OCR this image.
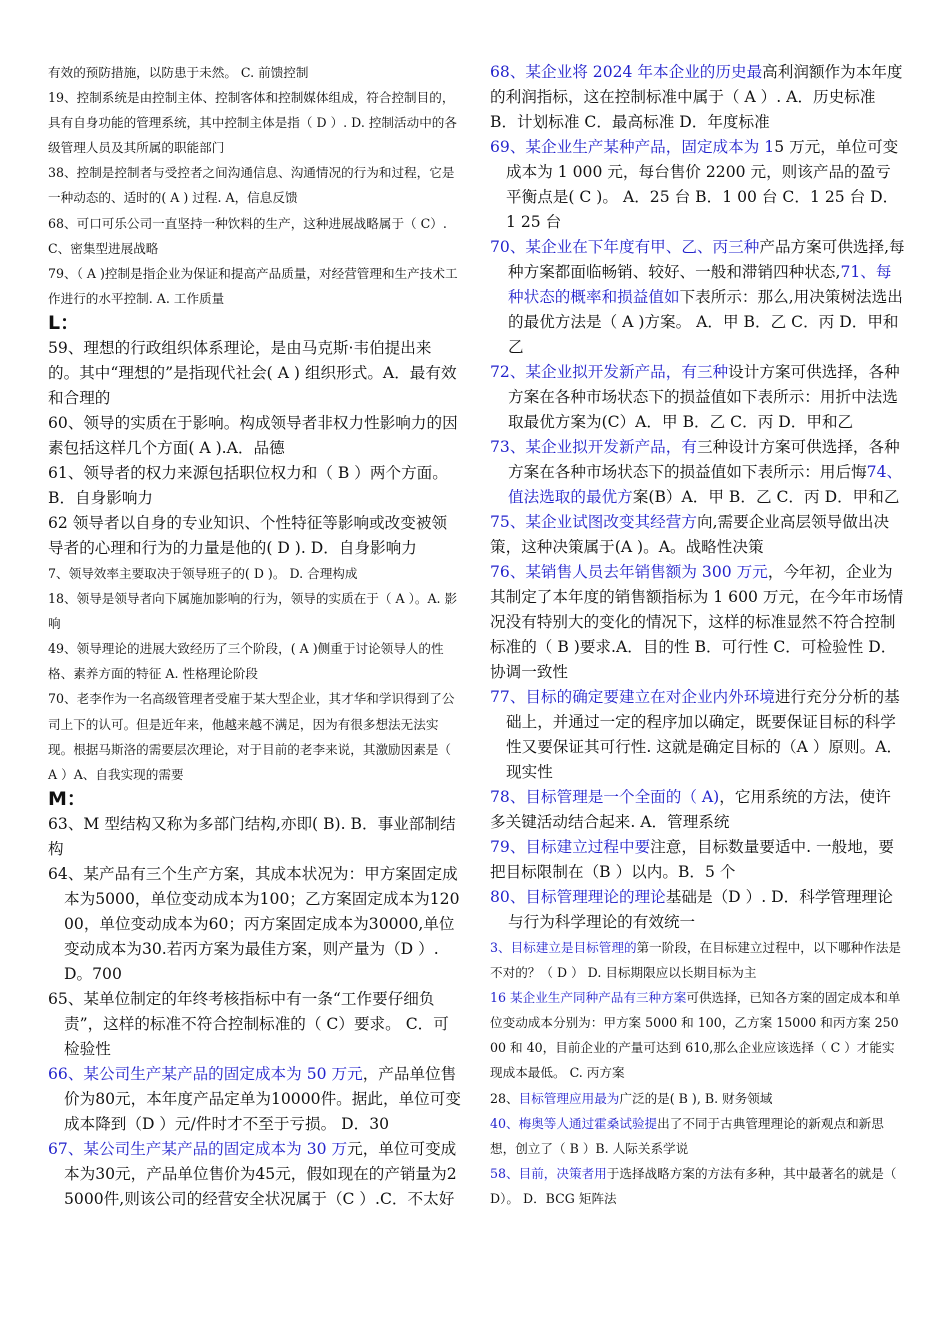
有效的预防措施，以防患于未然。 C. 前馈控制

19、控制系统是由控制主体、控制客体和控制媒体组成，符合控制目的，具有自身功能的管理系统，其中控制主体是指（ D ）. D. 控制活动中的各级管理人员及其所属的职能部门

38、控制是控制者与受控者之间沟通信息、沟通情况的行为和过程，它是一种动态的、适时的( A ) 过程. A，信息反馈

68、可口可乐公司一直坚持一种饮料的生产，这种进展战略属于（ C）.C、密集型进展战略

79、（ A )控制是指企业为保证和提高产品质量，对经营管理和生产技术工作进行的水平控制. A. 工作质量

L：

59、理想的行政组织体系理论，是由马克斯·韦伯提出来的。其中“理想的”是指现代社会( A ) 组织形式。A．最有效和合理的

60、领导的实质在于影响。构成领导者非权力性影响力的因素包括这样几个方面( A ).A．品德

61、领导者的权力来源包括职位权力和（ B ）两个方面。 B．自身影响力

62 领导者以自身的专业知识、个性特征等影响或改变被领导者的心理和行为的力量是他的( D ). D．自身影响力

7、领导效率主要取决于领导班子的( D )。 D. 合理构成

18、领导是领导者向下属施加影响的行为，领导的实质在于（ A ）。A. 影响

49、领导理论的进展大致经历了三个阶段，( A )侧重于讨论领导人的性格、素养方面的特征 A. 性格理论阶段

70、老李作为一名高级管理者受雇于某大型企业，其才华和学识得到了公司上下的认可。但是近年来，他越来越不满足，因为有很多想法无法实现。根据马斯洛的需要层次理论，对于目前的老李来说，其激励因素是（ A ）A、自我实现的需要

M：

63、M 型结构又称为多部门结构,亦即( B). B．事业部制结构

64、某产品有三个生产方案，其成本状况为：甲方案固定成本为5000，单位变动成本为100；乙方案固定成本为12000，单位变动成本为60；丙方案固定成本为30000,单位变动成本为30.若丙方案为最佳方案，则产量为（D ）. D。700

65、某单位制定的年终考核指标中有一条“工作要仔细负责”，这样的标准不符合控制标准的（ C）要求。 C．可检验性

66、某公司生产某产品的固定成本为 50 万元，产品单位售价为80元，本年度产品定单为10000件。据此，单位可变成本降到（D ）元/件时才不至于亏损。 D．30

67、某公司生产某产品的固定成本为 30 万元，单位可变成本为30元，产品单位售价为45元，假如现在的产销量为25000件,则该公司的经营安全状况属于（C ）.C．不太好

68、某企业将 2024 年本企业的历史最高利润额作为本年度的利润指标，这在控制标准中属于（ A ）. A．历史标准 B．计划标准 C．最高标准 D．年度标准

69、某企业生产某种产品，固定成本为 15 万元，单位可变成本为 1 000 元，每台售价 2200 元，则该产品的盈亏平衡点是( C )。 A．25 台 B．1 00 台 C．1 25 台 D．1 25 台

70、某企业在下年度有甲、乙、丙三种产品方案可供选择,每种方案都面临畅销、较好、一般和滞销四种状态,71、每种状态的概率和损益值如下表所示：那么,用决策树法选出的最优方法是（ A )方案。 A．甲 B．乙 C．丙 D．甲和乙

72、某企业拟开发新产品，有三种设计方案可供选择，各种方案在各种市场状态下的损益值如下表所示：用折中法选取最优方案为(C）A．甲 B．乙 C．丙 D．甲和乙

73、某企业拟开发新产品，有三种设计方案可供选择，各种方案在各种市场状态下的损益值如下表所示：用后悔74、值法选取的最优方案(B）A．甲 B．乙 C．丙 D．甲和乙

75、某企业试图改变其经营方向,需要企业高层领导做出决策，这种决策属于(A )。A。战略性决策

76、某销售人员去年销售额为 300 万元，今年初，企业为其制定了本年度的销售额指标为 1 600 万元，在今年市场情况没有特别大的变化的情况下，这样的标准显然不符合控制标准的（ B )要求.A．目的性 B．可行性 C．可检验性 D．协调一致性

77、目标的确定要建立在对企业内外环境进行充分分析的基础上，并通过一定的程序加以确定，既要保证目标的科学性又要保证其可行性. 这就是确定目标的（A ）原则。A．现实性

78、目标管理是一个全面的（ A)，它用系统的方法，使许多关键活动结合起来. A．管理系统

79、目标建立过程中要注意，目标数量要适中. 一般地，要把目标限制在（B ）以内。B．5 个

80、目标管理理论的理论基础是（D ）. D．科学管理理论与行为科学理论的有效统一

3、目标建立是目标管理的第一阶段，在目标建立过程中，以下哪种作法是不对的？（ D ） D. 目标期限应以长期目标为主

16 某企业生产同种产品有三种方案可供选择，已知各方案的固定成本和单位变动成本分别为：甲方案 5000 和 100，乙方案 15000 和丙方案 25000 和 40，目前企业的产量可达到 610,那么企业应该选择（ C ）才能实现成本最低。 C. 丙方案

28、目标管理应用最为广泛的是( B ), B. 财务领域

40、梅奥等人通过霍桑试验提出了不同于古典管理理论的新观点和新思想，创立了（ B ）B. 人际关系学说

58、目前，决策者用于选择战略方案的方法有多种，其中最著名的就是（ D）。 D．BCG 矩阵法
